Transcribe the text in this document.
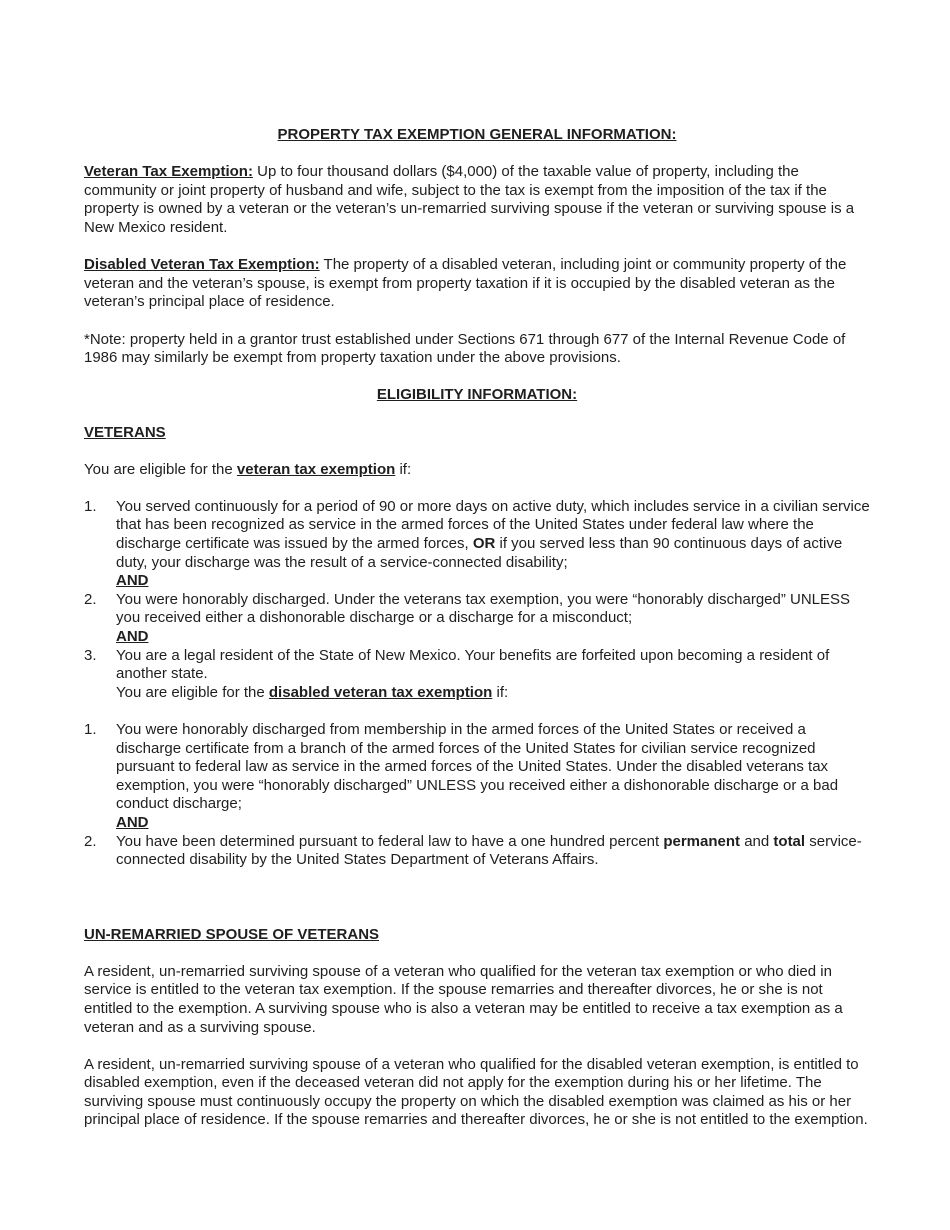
PROPERTY TAX EXEMPTION GENERAL INFORMATION:

Veteran Tax Exemption: Up to four thousand dollars ($4,000) of the taxable value of property, including the community or joint property of husband and wife, subject to the tax is exempt from the imposition of the tax if the property is owned by a veteran or the veteran’s un-remarried surviving spouse if the veteran or surviving spouse is a New Mexico resident.

Disabled Veteran Tax Exemption: The property of a disabled veteran, including joint or community property of the veteran and the veteran’s spouse, is exempt from property taxation if it is occupied by the disabled veteran as the veteran’s principal place of residence.

*Note: property held in a grantor trust established under Sections 671 through 677 of the Internal Revenue Code of 1986 may similarly be exempt from property taxation under the above provisions.

ELIGIBILITY INFORMATION:

VETERANS

You are eligible for the veteran tax exemption if:

1. You served continuously for a period of 90 or more days on active duty, which includes service in a civilian service that has been recognized as service in the armed forces of the United States under federal law where the discharge certificate was issued by the armed forces, OR if you served less than 90 continuous days of active duty, your discharge was the result of a service-connected disability;
AND
2. You were honorably discharged. Under the veterans tax exemption, you were “honorably discharged” UNLESS you received either a dishonorable discharge or a discharge for a misconduct;
AND
3. You are a legal resident of the State of New Mexico. Your benefits are forfeited upon becoming a resident of another state.

You are eligible for the disabled veteran tax exemption if:

1. You were honorably discharged from membership in the armed forces of the United States or received a discharge certificate from a branch of the armed forces of the United States for civilian service recognized pursuant to federal law as service in the armed forces of the United States. Under the disabled veterans tax exemption, you were “honorably discharged” UNLESS you received either a dishonorable discharge or a bad conduct discharge;
AND
2. You have been determined pursuant to federal law to have a one hundred percent permanent and total service-connected disability by the United States Department of Veterans Affairs.

UN-REMARRIED SPOUSE OF VETERANS

A resident, un-remarried surviving spouse of a veteran who qualified for the veteran tax exemption or who died in service is entitled to the veteran tax exemption. If the spouse remarries and thereafter divorces, he or she is not entitled to the exemption. A surviving spouse who is also a veteran may be entitled to receive a tax exemption as a veteran and as a surviving spouse.

A resident, un-remarried surviving spouse of a veteran who qualified for the disabled veteran exemption, is entitled to disabled exemption, even if the deceased veteran did not apply for the exemption during his or her lifetime. The surviving spouse must continuously occupy the property on which the disabled exemption was claimed as his or her principal place of residence. If the spouse remarries and thereafter divorces, he or she is not entitled to the exemption.
